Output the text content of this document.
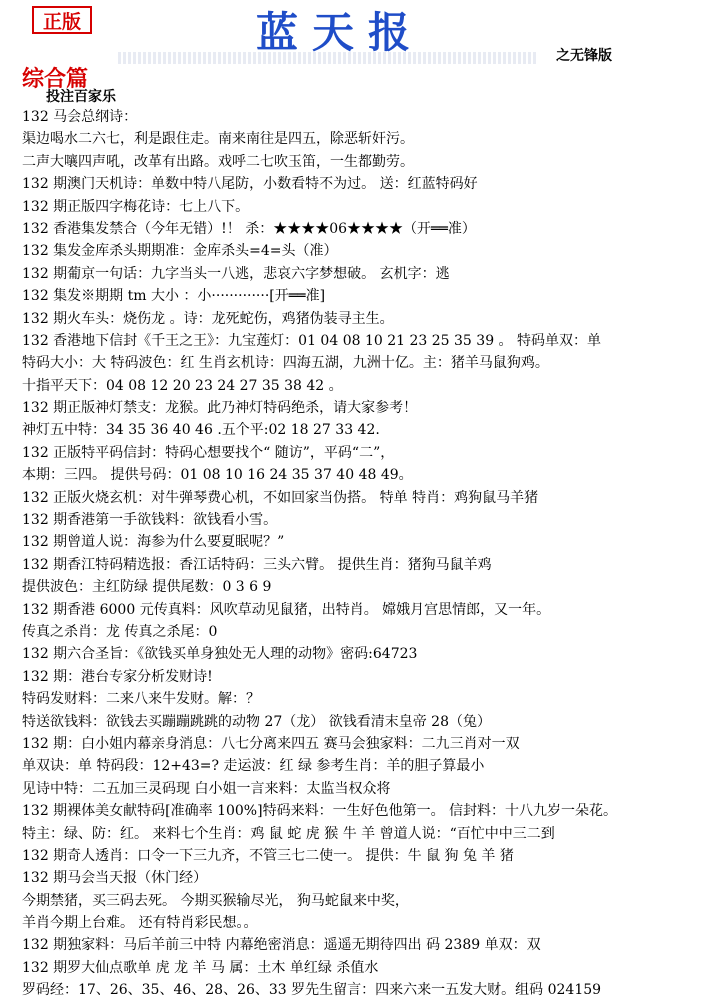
正版	蓝天报	之无锋版
综合篇
投注百家乐
132 马会总纲诗：
渠边喝水二六七，利是跟住走。南来南往是四五，除恶斩奸污。
二声大嚷四声吼，改革有出路。戏呼二七吹玉笛，一生都勤劳。
132 期澳门天机诗：单数中特八尾防，小数看特不为过。 送：红蓝特码好
132 期正版四字梅花诗：七上八下。
132 香港集发禁合（今年无错）!！ 杀：★★★★06★★★★（开══准）
132 集发金库杀头期期准：金库杀头=4=头（准）
132 期葡京一句话：九字当头一八逃，悲哀六字梦想破。 玄机字：逃
132 集发※期期 tm 大小 ：小·············[开══准]
132 期火车头：烧伤龙 。诗：龙死蛇伤，鸡猪伪装寻主生。
132 香港地下信封《千王之王》：九宝莲灯：01 04 08 10 21 23 25 35 39 。 特码单双：单
特码大小：大 特码波色：红 生肖玄机诗：四海五湖，九洲十亿。主：猪羊马鼠狗鸡。
十指平天下：04 08 12 20 23 24 27 35 38 42 。
132 期正版神灯禁支：龙猴。此乃神灯特码绝杀，请大家参考！
神灯五中特：34 35 36 40 46 .五个平:02 18 27 33 42.
132 正版特平码信封：特码心想要找个“ 随访”，平码“二”，
本期：三四。 提供号码：01 08 10 16 24 35 37 40 48 49。
132 正版火烧玄机：对牛弹琴费心机，不如回家当伪搭。 特单 特肖：鸡狗鼠马羊猪
132 期香港第一手欲钱料：欲钱看小雪。
132 期曾道人说：海参为什么要夏眠呢？”
132 期香江特码精选报：香江话特码：三头六臂。 提供生肖：猪狗马鼠羊鸡
提供波色：主红防绿 提供尾数：0 3 6 9
132 期香港 6000 元传真料：风吹草动见鼠猪，出特肖。 嫦娥月宫思情郎，又一年。
传真之杀肖：龙 传真之杀尾：0
132 期六合圣旨：《欲钱买单身独处无人理的动物》密码:64723
132 期：港台专家分析发财诗!
特码发财料：二来八来牛发财。解：？
特送欲钱料：欲钱去买蹦蹦跳跳的动物 27（龙） 欲钱看清末皇帝 28（兔）
132 期：白小姐内幕亲身消息：八七分离来四五 赛马会独家料：二九三肖对一双
单双诀：单 特码段：12+43=? 走运波：红 绿 参考生肖：羊的胆子算最小
见诗中特：二五加三灵码现 白小姐一言来料：太监当权众将
132 期裸体美女献特码[准确率 100%]特码来料：一生好色他第一。 信封料：十八九岁一朵花。
特主：绿、防：红。 来料七个生肖：鸡 鼠 蛇 虎 猴 牛 羊 曾道人说：“百忙中中三二到
132 期奇人透肖：口令一下三九齐，不管三七二使一。 提供：牛 鼠 狗 兔 羊 猪
132 期马会当天报（休门经）
今期禁猪，买三码去死。 今期买猴输尽光， 狗马蛇鼠来中奖，
羊肖今期上台难。 还有特肖彩民想。。
132 期独家料：马后羊前三中特 内幕绝密消息：遥遥无期待四出 码 2389 单双：双
132 期罗大仙点歌单 虎 龙 羊 马 属：土木 单红绿 杀值水
罗码经：17、26、35、46、28、26、33 罗先生留言：四来六来一五发大财。组码 024159
